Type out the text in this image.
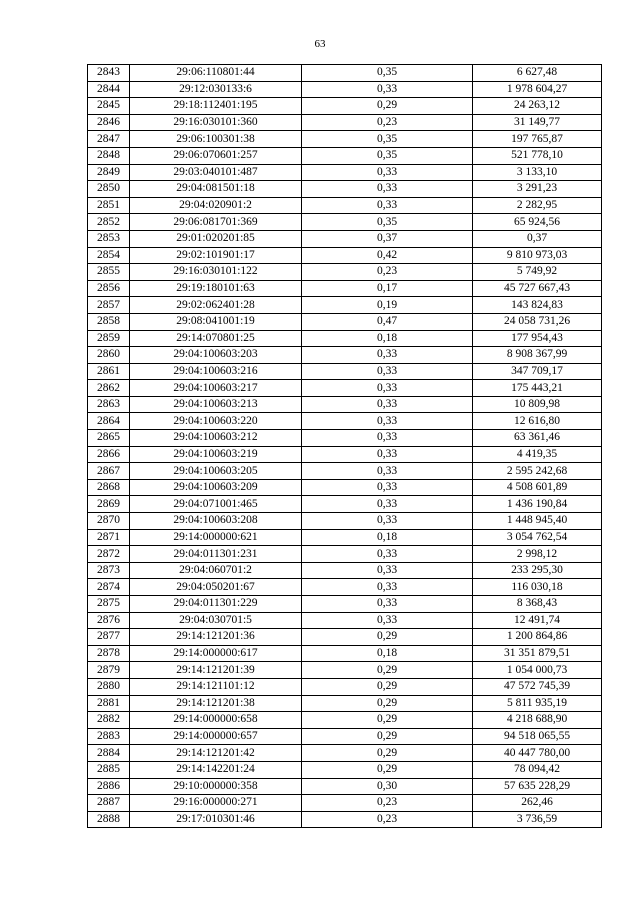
63
2843	29:06:110801:44	0,35	6 627,48
2844	29:12:030133:6	0,33	1 978 604,27
2845	29:18:112401:195	0,29	24 263,12
2846	29:16:030101:360	0,23	31 149,77
2847	29:06:100301:38	0,35	197 765,87
2848	29:06:070601:257	0,35	521 778,10
2849	29:03:040101:487	0,33	3 133,10
2850	29:04:081501:18	0,33	3 291,23
2851	29:04:020901:2	0,33	2 282,95
2852	29:06:081701:369	0,35	65 924,56
2853	29:01:020201:85	0,37	0,37
2854	29:02:101901:17	0,42	9 810 973,03
2855	29:16:030101:122	0,23	5 749,92
2856	29:19:180101:63	0,17	45 727 667,43
2857	29:02:062401:28	0,19	143 824,83
2858	29:08:041001:19	0,47	24 058 731,26
2859	29:14:070801:25	0,18	177 954,43
2860	29:04:100603:203	0,33	8 908 367,99
2861	29:04:100603:216	0,33	347 709,17
2862	29:04:100603:217	0,33	175 443,21
2863	29:04:100603:213	0,33	10 809,98
2864	29:04:100603:220	0,33	12 616,80
2865	29:04:100603:212	0,33	63 361,46
2866	29:04:100603:219	0,33	4 419,35
2867	29:04:100603:205	0,33	2 595 242,68
2868	29:04:100603:209	0,33	4 508 601,89
2869	29:04:071001:465	0,33	1 436 190,84
2870	29:04:100603:208	0,33	1 448 945,40
2871	29:14:000000:621	0,18	3 054 762,54
2872	29:04:011301:231	0,33	2 998,12
2873	29:04:060701:2	0,33	233 295,30
2874	29:04:050201:67	0,33	116 030,18
2875	29:04:011301:229	0,33	8 368,43
2876	29:04:030701:5	0,33	12 491,74
2877	29:14:121201:36	0,29	1 200 864,86
2878	29:14:000000:617	0,18	31 351 879,51
2879	29:14:121201:39	0,29	1 054 000,73
2880	29:14:121101:12	0,29	47 572 745,39
2881	29:14:121201:38	0,29	5 811 935,19
2882	29:14:000000:658	0,29	4 218 688,90
2883	29:14:000000:657	0,29	94 518 065,55
2884	29:14:121201:42	0,29	40 447 780,00
2885	29:14:142201:24	0,29	78 094,42
2886	29:10:000000:358	0,30	57 635 228,29
2887	29:16:000000:271	0,23	262,46
2888	29:17:010301:46	0,23	3 736,59
